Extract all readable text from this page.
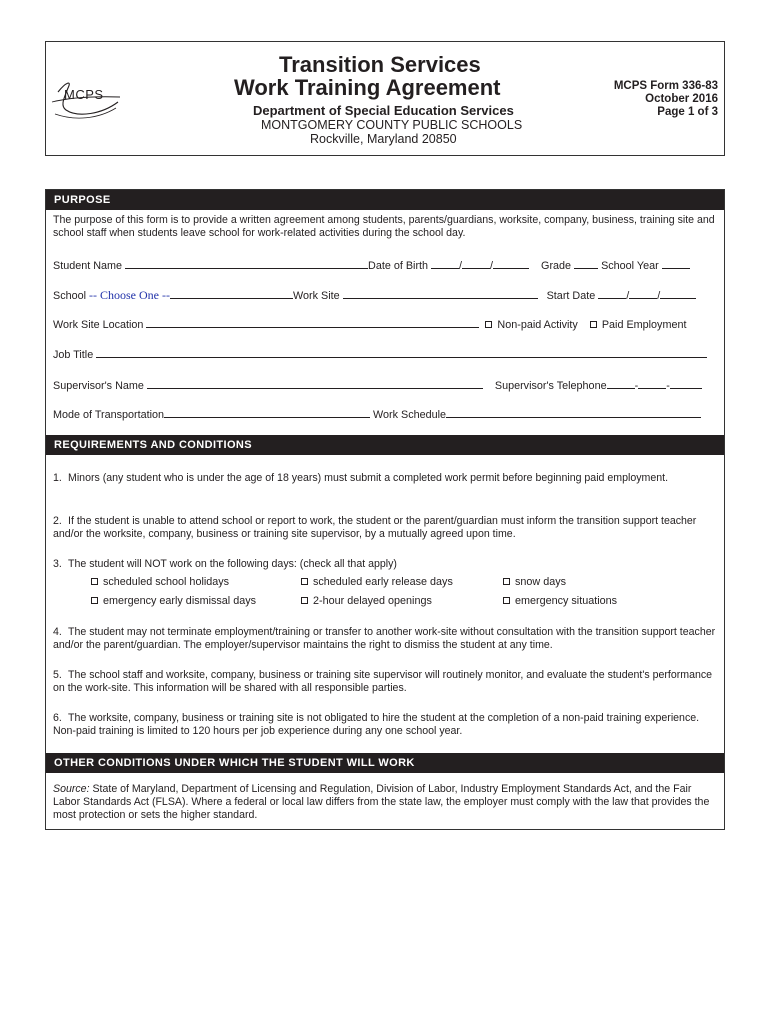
MCPS
Transition Services
Work Training Agreement
Department of Special Education Services
MONTGOMERY COUNTY PUBLIC SCHOOLS
Rockville, Maryland 20850
MCPS Form 336-83
October 2016
Page 1 of 3
PURPOSE
The purpose of this form is to provide a written agreement among students, parents/guardians, worksite, company, business, training site and school staff when students leave school for work-related activities during the school day.
Student Name	Date of Birth	/	/	Grade	School Year
School -- Choose One --	Work Site	Start Date	/	/
Work Site Location	Non-paid Activity Paid Employment
Job Title
Supervisor's Name	Supervisor's Telephone	-	-
Mode of Transportation	Work Schedule
REQUIREMENTS AND CONDITIONS
1. Minors (any student who is under the age of 18 years) must submit a completed work permit before beginning paid employment.
2. If the student is unable to attend school or report to work, the student or the parent/guardian must inform the transition support teacher and/or the worksite, company, business or training site supervisor, by a mutually agreed upon time.
3. The student will NOT work on the following days: (check all that apply)
scheduled school holidays	scheduled early release days	snow days
emergency early dismissal days	2-hour delayed openings	emergency situations
4. The student may not terminate employment/training or transfer to another work-site without consultation with the transition support teacher and/or the parent/guardian. The employer/supervisor maintains the right to dismiss the student at any time.
5. The school staff and worksite, company, business or training site supervisor will routinely monitor, and evaluate the student's performance on the work-site. This information will be shared with all responsible parties.
6. The worksite, company, business or training site is not obligated to hire the student at the completion of a non-paid training experience. Non-paid training is limited to 120 hours per job experience during any one school year.
OTHER CONDITIONS UNDER WHICH THE STUDENT WILL WORK
Source: State of Maryland, Department of Licensing and Regulation, Division of Labor, Industry Employment Standards Act, and the Fair Labor Standards Act (FLSA). Where a federal or local law differs from the state law, the employer must comply with the law that provides the most protection or sets the higher standard.
